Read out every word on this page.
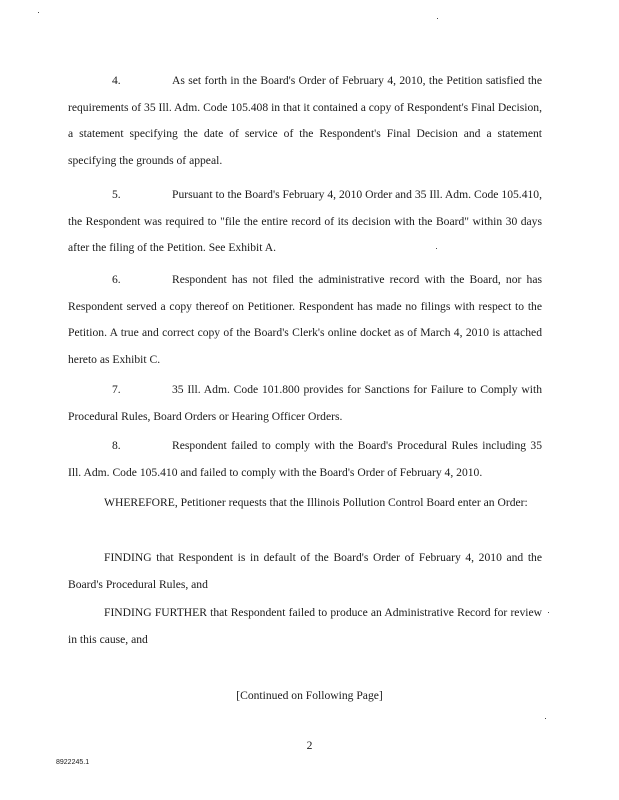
4.	As set forth in the Board's Order of February 4, 2010, the Petition satisfied the requirements of 35 Ill. Adm. Code 105.408 in that it contained a copy of Respondent's Final Decision, a statement specifying the date of service of the Respondent's Final Decision and a statement specifying the grounds of appeal.

5.	Pursuant to the Board's February 4, 2010 Order and 35 Ill. Adm. Code 105.410, the Respondent was required to "file the entire record of its decision with the Board" within 30 days after the filing of the Petition. See Exhibit A.

6.	Respondent has not filed the administrative record with the Board, nor has Respondent served a copy thereof on Petitioner. Respondent has made no filings with respect to the Petition. A true and correct copy of the Board's Clerk's online docket as of March 4, 2010 is attached hereto as Exhibit C.

7.	35 Ill. Adm. Code 101.800 provides for Sanctions for Failure to Comply with Procedural Rules, Board Orders or Hearing Officer Orders.

8.	Respondent failed to comply with the Board's Procedural Rules including 35 Ill. Adm. Code 105.410 and failed to comply with the Board's Order of February 4, 2010.

WHEREFORE, Petitioner requests that the Illinois Pollution Control Board enter an Order:

FINDING that Respondent is in default of the Board's Order of February 4, 2010 and the Board's Procedural Rules, and

FINDING FURTHER that Respondent failed to produce an Administrative Record for review in this cause, and

[Continued on Following Page]

2

8922245.1
